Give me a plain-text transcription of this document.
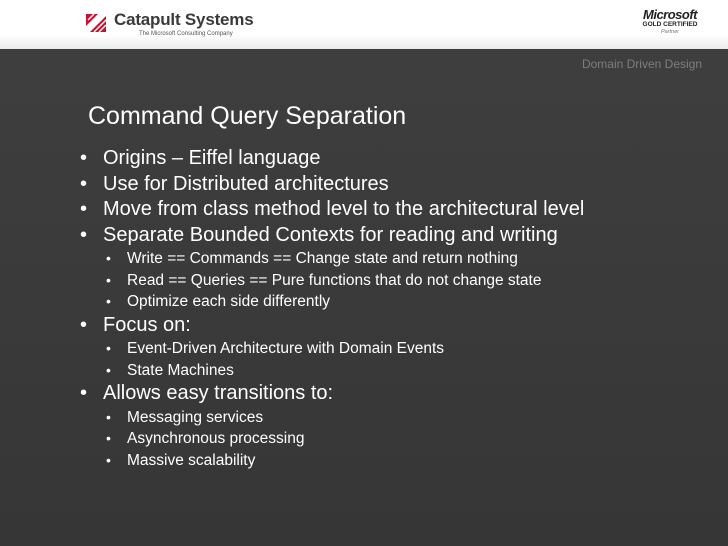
Catapult Systems
The Microsoft Consulting Company
Microsoft
GOLD CERTIFIED
Partner
Domain Driven Design
Command Query Separation
• Origins – Eiffel language
• Use for Distributed architectures
• Move from class method level to the architectural level
• Separate Bounded Contexts for reading and writing
•	Write == Commands == Change state and return nothing
•	Read == Queries == Pure functions that do not change state
•	Optimize each side differently
• Focus on:
•	Event-Driven Architecture with Domain Events
•	State Machines
• Allows easy transitions to:
•	Messaging services
•	Asynchronous processing
•	Massive scalability
